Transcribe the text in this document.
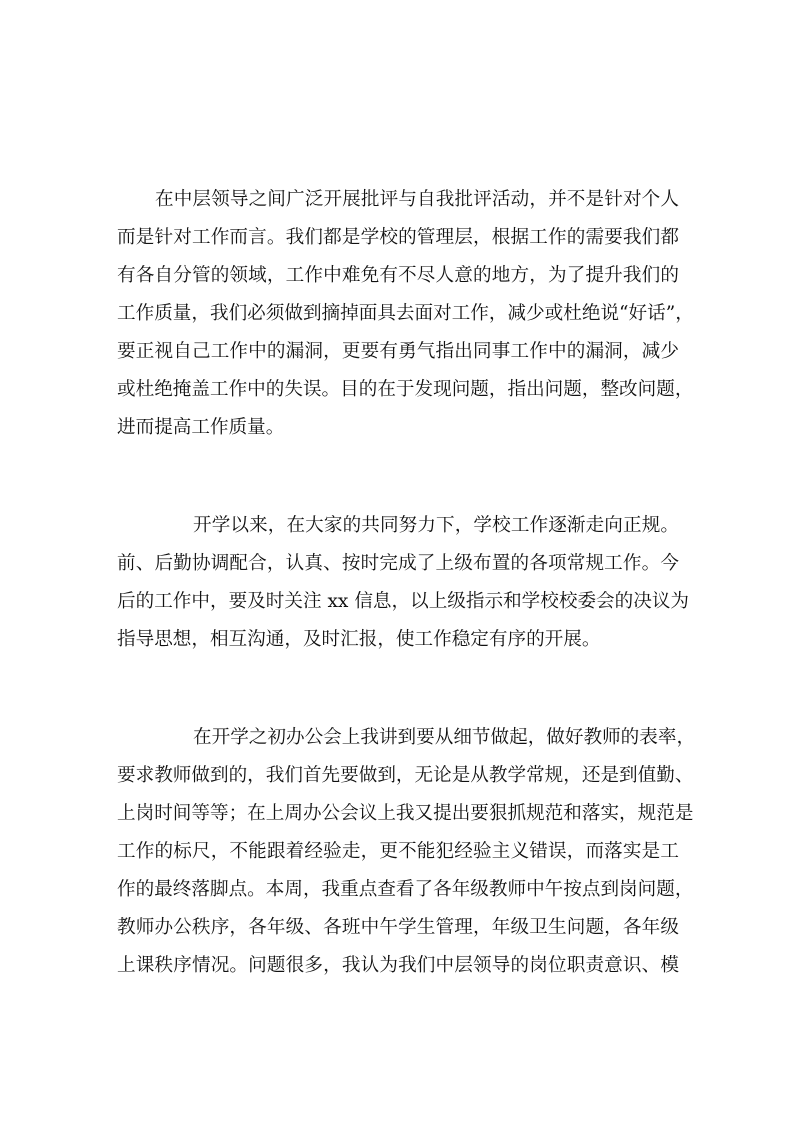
在中层领导之间广泛开展批评与自我批评活动，并不是针对个人
而是针对工作而言。我们都是学校的管理层，根据工作的需要我们都
有各自分管的领域，工作中难免有不尽人意的地方，为了提升我们的
工作质量，我们必须做到摘掉面具去面对工作，减少或杜绝说“好话”，
要正视自己工作中的漏洞，更要有勇气指出同事工作中的漏洞，减少
或杜绝掩盖工作中的失误。目的在于发现问题，指出问题，整改问题，
进而提高工作质量。
开学以来，在大家的共同努力下，学校工作逐渐走向正规。
前、后勤协调配合，认真、按时完成了上级布置的各项常规工作。今
后的工作中，要及时关注 xx 信息，以上级指示和学校校委会的决议为
指导思想，相互沟通，及时汇报，使工作稳定有序的开展。
在开学之初办公会上我讲到要从细节做起，做好教师的表率，
要求教师做到的，我们首先要做到，无论是从教学常规，还是到值勤、
上岗时间等等；在上周办公会议上我又提出要狠抓规范和落实，规范是
工作的标尺，不能跟着经验走，更不能犯经验主义错误，而落实是工
作的最终落脚点。本周，我重点查看了各年级教师中午按点到岗问题，
教师办公秩序，各年级、各班中午学生管理，年级卫生问题，各年级
上课秩序情况。问题很多，我认为我们中层领导的岗位职责意识、模
